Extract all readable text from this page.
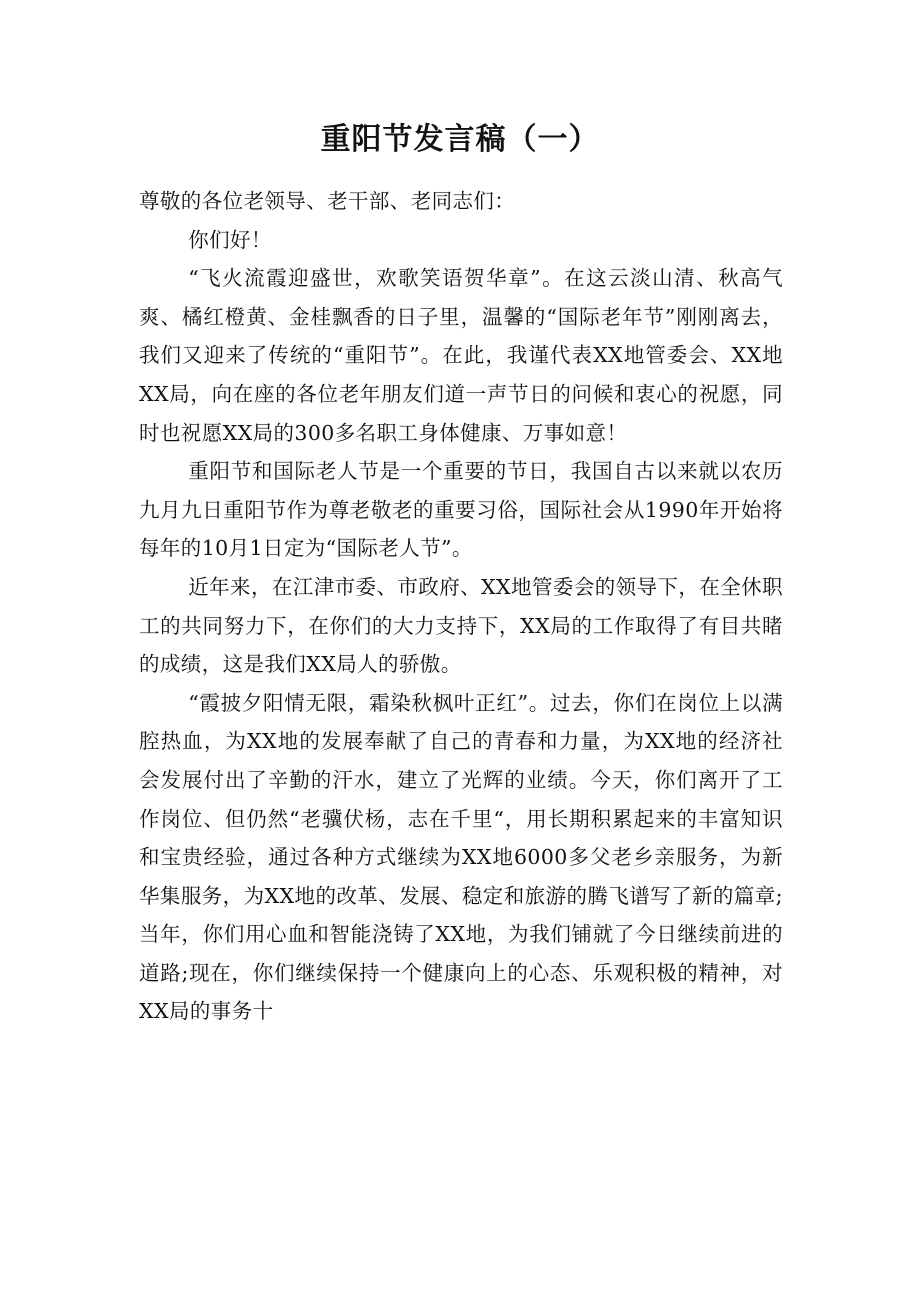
重阳节发言稿（一）

尊敬的各位老领导、老干部、老同志们：

你们好！

“飞火流霞迎盛世，欢歌笑语贺华章”。在这云淡山清、秋高气爽、橘红橙黄、金桂飘香的日子里，温馨的“国际老年节”刚刚离去，我们又迎来了传统的“重阳节”。在此，我谨代表XX地管委会、XX地XX局，向在座的各位老年朋友们道一声节日的问候和衷心的祝愿，同时也祝愿XX局的300多名职工身体健康、万事如意！

重阳节和国际老人节是一个重要的节日，我国自古以来就以农历九月九日重阳节作为尊老敬老的重要习俗，国际社会从1990年开始将每年的10月1日定为“国际老人节”。

近年来，在江津市委、市政府、XX地管委会的领导下，在全休职工的共同努力下，在你们的大力支持下，XX局的工作取得了有目共睹的成绩，这是我们XX局人的骄傲。

“霞披夕阳情无限，霜染秋枫叶正红”。过去，你们在岗位上以满腔热血，为XX地的发展奉献了自己的青春和力量，为XX地的经济社会发展付出了辛勤的汗水，建立了光辉的业绩。今天，你们离开了工作岗位、但仍然“老骥伏杨，志在千里“，用长期积累起来的丰富知识和宝贵经验，通过各种方式继续为XX地6000多父老乡亲服务，为新华集服务，为XX地的改革、发展、稳定和旅游的腾飞谱写了新的篇章;当年，你们用心血和智能浇铸了XX地，为我们铺就了今日继续前进的道路;现在，你们继续保持一个健康向上的心态、乐观积极的精神，对XX局的事务十
